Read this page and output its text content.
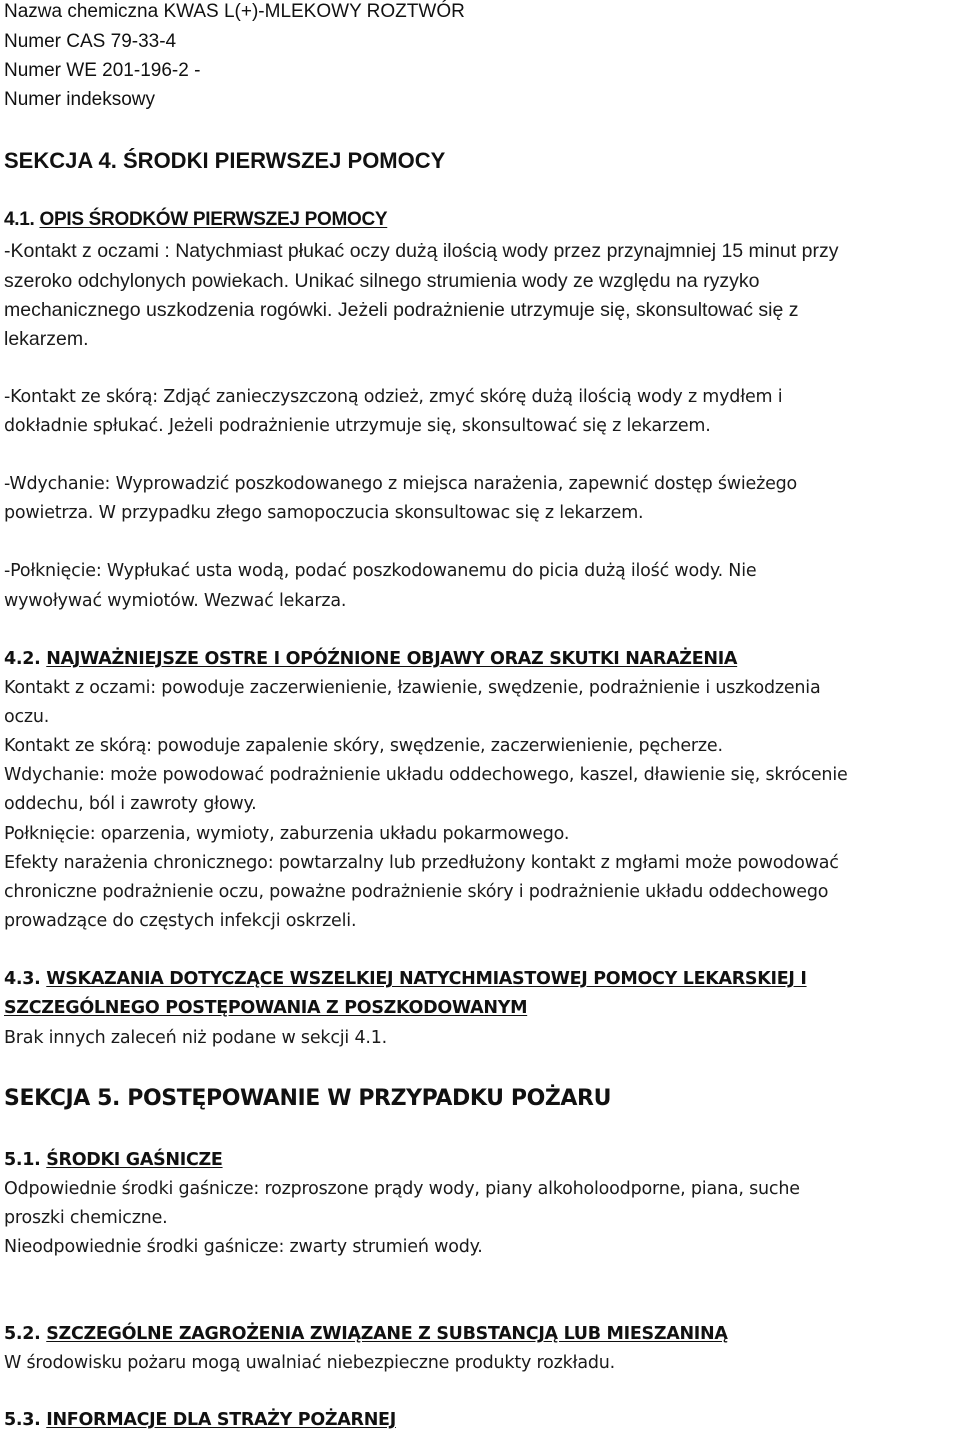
Nazwa chemiczna KWAS L(+)-MLEKOWY ROZTWÓR
Numer CAS 79-33-4
Numer WE 201-196-2 -
Numer indeksowy
SEKCJA 4. ŚRODKI PIERWSZEJ POMOCY
4.1. OPIS ŚRODKÓW PIERWSZEJ POMOCY
-Kontakt z oczami : Natychmiast płukać oczy dużą ilością wody przez przynajmniej 15 minut przy
szeroko odchylonych powiekach. Unikać silnego strumienia wody ze względu na ryzyko
mechanicznego uszkodzenia rogówki. Jeżeli podrażnienie utrzymuje się, skonsultować się z
lekarzem.
-Kontakt ze skórą: Zdjąć zanieczyszczoną odzież, zmyć skórę dużą ilością wody z mydłem i
dokładnie spłukać. Jeżeli podrażnienie utrzymuje się, skonsultować się z lekarzem.
-Wdychanie: Wyprowadzić poszkodowanego z miejsca narażenia, zapewnić dostęp świeżego
powietrza. W przypadku złego samopoczucia skonsultowac się z lekarzem.
-Połknięcie: Wypłukać usta wodą, podać poszkodowanemu do picia dużą ilość wody. Nie
wywoływać wymiotów. Wezwać lekarza.
4.2. NAJWAŻNIEJSZE OSTRE I OPÓŹNIONE OBJAWY ORAZ SKUTKI NARAŻENIA
Kontakt z oczami: powoduje zaczerwienienie, łzawienie, swędzenie, podrażnienie i uszkodzenia
oczu.
Kontakt ze skórą: powoduje zapalenie skóry, swędzenie, zaczerwienienie, pęcherze.
Wdychanie: może powodować podrażnienie układu oddechowego, kaszel, dławienie się, skrócenie
oddechu, ból i zawroty głowy.
Połknięcie: oparzenia, wymioty, zaburzenia układu pokarmowego.
Efekty narażenia chronicznego: powtarzalny lub przedłużony kontakt z mgłami może powodować
chroniczne podrażnienie oczu, poważne podrażnienie skóry i podrażnienie układu oddechowego
prowadzące do częstych infekcji oskrzeli.
4.3. WSKAZANIA DOTYCZĄCE WSZELKIEJ NATYCHMIASTOWEJ POMOCY LEKARSKIEJ I
SZCZEGÓLNEGO POSTĘPOWANIA Z POSZKODOWANYM
Brak innych zaleceń niż podane w sekcji 4.1.
SEKCJA 5. POSTĘPOWANIE W PRZYPADKU POŻARU
5.1. ŚRODKI GAŚNICZE
Odpowiednie środki gaśnicze: rozproszone prądy wody, piany alkoholoodporne, piana, suche
proszki chemiczne.
Nieodpowiednie środki gaśnicze: zwarty strumień wody.
5.2. SZCZEGÓLNE ZAGROŻENIA ZWIĄZANE Z SUBSTANCJĄ LUB MIESZANINĄ
W środowisku pożaru mogą uwalniać niebezpieczne produkty rozkładu.
5.3. INFORMACJE DLA STRAŻY POŻARNEJ
